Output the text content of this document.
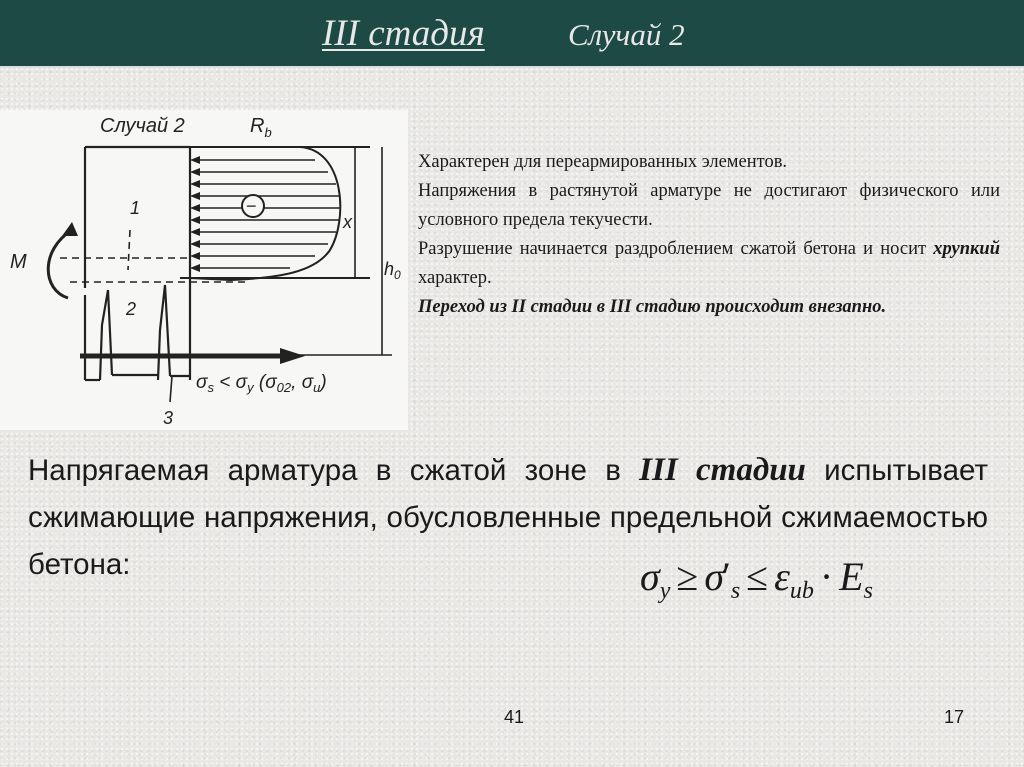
III стадия	Случай 2
Случай 2	$R_b$
−
x
$h_0$
M
1
2
3
$\sigma_s < \sigma_y$ ($\sigma_{02}$, $\sigma_u$)

Характерен для переармированных элементов.

Напряжения в растянутой арматуре не достигают физического или условного предела текучести.

Разрушение начинается раздроблением сжатой бетона и носит хрупкий характер.

Переход из II стадии в III стадию происходит внезапно.

Напрягаемая арматура в сжатой зоне в III стадии испытывает сжимающие напряжения, обусловленные предельной сжимаемостью бетона:	$\sigma_y \ge \sigma'_s \le \varepsilon_{ub} \cdot E_s$
41	17
